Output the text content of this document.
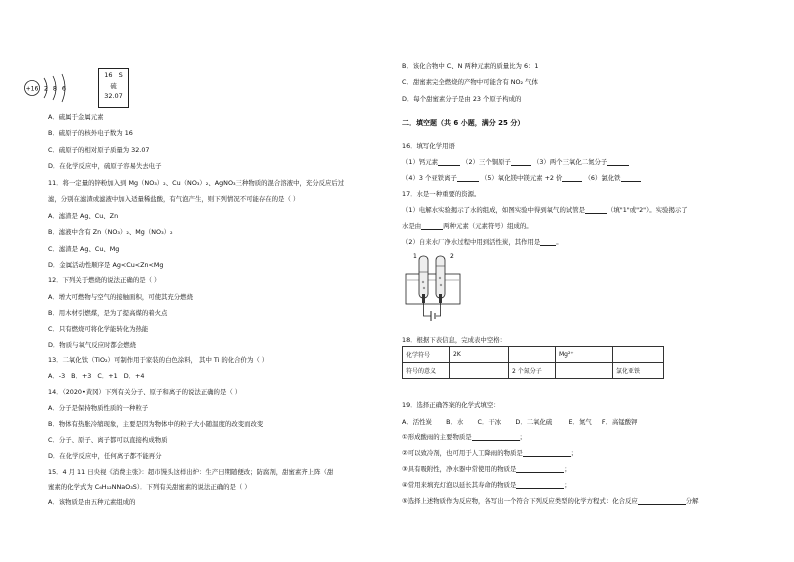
+16 2 8 6
16 S
硫
32.07
A．硫属于金属元素
B．硫原子的核外电子数为 16
C．硫原子的相对原子质量为 32.07
D．在化学反应中，硫原子容易失去电子
11．将一定量的锌粉加入到 Mg（NO₃）₂、Cu（NO₃）₂、AgNO₃三种物质的混合溶液中，充分反应后过
滤，分别在滤渣或滤液中加入适量稀盐酸，有气泡产生，则下列情况不可能存在的是（ ）
A．滤渣是 Ag、Cu、Zn
B．滤液中含有 Zn（NO₃）₂、Mg（NO₃）₂
C．滤渣是 Ag、Cu、Mg
D．金属活动性顺序是 Ag<Cu<Zn<Mg
12．下列关于燃烧的说法正确的是（ ）
A．增大可燃物与空气的接触面积，可使其充分燃烧
B．用木材引燃煤，是为了提高煤的着火点
C．只有燃烧可将化学能转化为热能
D．物质与氧气反应时都会燃烧
13．二氧化钛（TiO₂）可制作用于家装的白色涂料， 其中 Ti 的化合价为（ ）
A．-3 B．+3 C．+1 D．+4
14．（2020•黄冈）下列有关分子、原子和离子的说法正确的是（ ）
A．分子是保持物质性质的一种粒子
B．物体有热胀冷缩现象，主要是因为物体中的粒子大小随温度的改变而改变
C．分子、原子、离子都可以直接构成物质
D．在化学反应中，任何离子都不能再分
15．4 月 11 日央视《消费主张》：超市馒头这样出炉：生产日期随便改；防腐剂，甜蜜素齐上阵（甜
蜜素的化学式为 C₆H₁₂NNaO₃S）．下列有关甜蜜素的说法正确的是（ ）
A．该物质是由五种元素组成的
B．该化合物中 C、N 两种元素的质量比为 6：1
C．甜蜜素完全燃烧的产物中可能含有 NO₂ 气体
D．每个甜蜜素分子是由 23 个原子构成的
二．填空题（共 6 小题，满分 25 分）
16．填写化学用语
（1）钙元素	（2）三个铜原子	（3）两个三氧化二氮分子
（4）3 个亚铁离子	（5）氧化镁中镁元素 +2 价	（6）氯化铁
17．水是一种重要的资源。
（1）电解水实验揭示了水的组成，如图实验中得到氧气的试管是	（填"1"或"2"）。实验揭示了
水是由	两种元素（元素符号）组成的。
（2）自来水厂净水过程中用到活性炭，其作用是	。
1	2
18．根据下表信息，完成表中空格：
化学符号	2K		Mg²⁺	
符号的意义		2 个氮分子		氯化亚铁
19．选择正确答案的化学式填空：
A．活性炭       B．水       C．干冰       D．二氧化硫        E．氮气     F．高锰酸钾
①形成酸雨的主要物质是	；
②可以致冷剂，也可用于人工降雨的物质是	；
③具有吸附性，净水器中常使用的物质是	；
④常用来填充灯泡以延长其寿命的物质是	；
⑤选择上述物质作为反应物，各写出一个符合下列反应类型的化学方程式：化合反应	分解
